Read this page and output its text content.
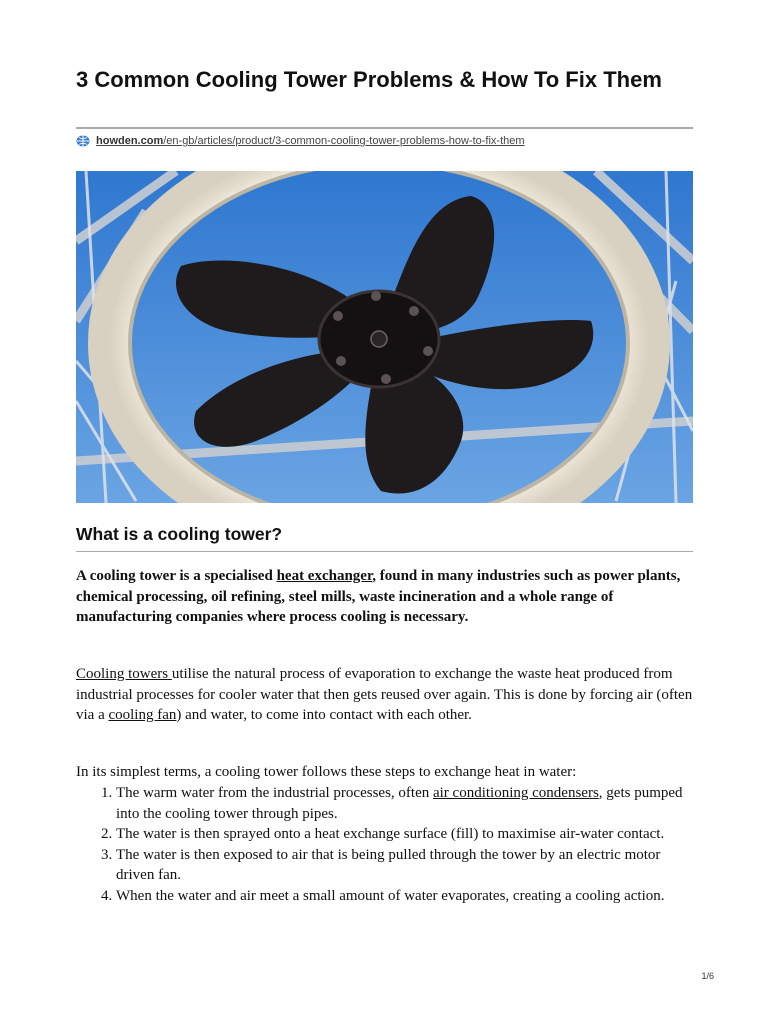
3 Common Cooling Tower Problems & How To Fix Them
howden.com/en-gb/articles/product/3-common-cooling-tower-problems-how-to-fix-them
What is a cooling tower?

A cooling tower is a specialised heat exchanger, found in many industries such as power plants, chemical processing, oil refining, steel mills, waste incineration and a whole range of manufacturing companies where process cooling is necessary.

Cooling towers utilise the natural process of evaporation to exchange the waste heat produced from industrial processes for cooler water that then gets reused over again. This is done by forcing air (often via a cooling fan) and water, to come into contact with each other.

In its simplest terms, a cooling tower follows these steps to exchange heat in water:

1. The warm water from the industrial processes, often air conditioning condensers, gets pumped into the cooling tower through pipes.
2. The water is then sprayed onto a heat exchange surface (fill) to maximise air-water contact.
3. The water is then exposed to air that is being pulled through the tower by an electric motor driven fan.
4. When the water and air meet a small amount of water evaporates, creating a cooling action.
1/6
